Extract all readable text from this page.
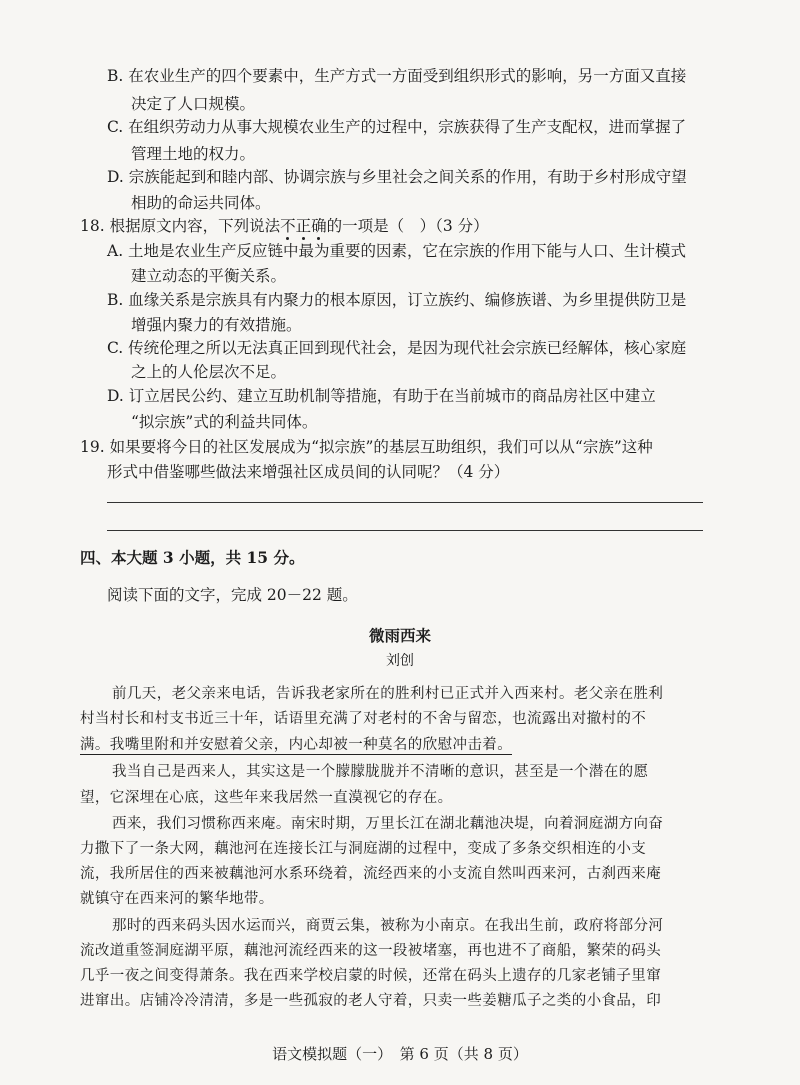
B. 在农业生产的四个要素中，生产方式一方面受到组织形式的影响，另一方面又直接
决定了人口规模。
C. 在组织劳动力从事大规模农业生产的过程中，宗族获得了生产支配权，进而掌握了
管理土地的权力。
D. 宗族能起到和睦内部、协调宗族与乡里社会之间关系的作用，有助于乡村形成守望
相助的命运共同体。
18. 根据原文内容，下列说法不
正
确
的一项是（　）（3 分）
A. 土地是农业生产反应链中最为重要的因素，它在宗族的作用下能与人口、生计模式
建立动态的平衡关系。
B. 血缘关系是宗族具有内聚力的根本原因，订立族约、编修族谱、为乡里提供防卫是
增强内聚力的有效措施。
C. 传统伦理之所以无法真正回到现代社会，是因为现代社会宗族已经解体，核心家庭
之上的人伦层次不足。
D. 订立居民公约、建立互助机制等措施，有助于在当前城市的商品房社区中建立
“拟宗族”式的利益共同体。
19. 如果要将今日的社区发展成为“拟宗族”的基层互助组织，我们可以从“宗族”这种
形式中借鉴哪些做法来增强社区成员间的认同呢？（4 分）
四、本大题 3 小题，共 15 分。
阅读下面的文字，完成 20－22 题。
微雨西来
刘创
前几天，老父亲来电话，告诉我老家所在的胜利村已正式并入西来村。老父亲在胜利
村当村长和村支书近三十年，话语里充满了对老村的不舍与留恋，也流露出对撤村的不
满。我嘴里附和并安慰着父亲，内心却被一种莫名的欣慰冲击着。
我当自己是西来人，其实这是一个朦朦胧胧并不清晰的意识，甚至是一个潜在的愿
望，它深埋在心底，这些年来我居然一直漠视它的存在。
西来，我们习惯称西来庵。南宋时期，万里长江在湖北藕池决堤，向着洞庭湖方向奋
力撒下了一条大网，藕池河在连接长江与洞庭湖的过程中，变成了多条交织相连的小支
流，我所居住的西来被藕池河水系环绕着，流经西来的小支流自然叫西来河，古刹西来庵
就镇守在西来河的繁华地带。
那时的西来码头因水运而兴，商贾云集，被称为小南京。在我出生前，政府将部分河
流改道重签洞庭湖平原，藕池河流经西来的这一段被堵塞，再也进不了商船，繁荣的码头
几乎一夜之间变得萧条。我在西来学校启蒙的时候，还常在码头上遗存的几家老铺子里窜
进窜出。店铺冷冷清清，多是一些孤寂的老人守着，只卖一些姜糖瓜子之类的小食品，印
语文模拟题（一）　第 6 页（共 8 页）
